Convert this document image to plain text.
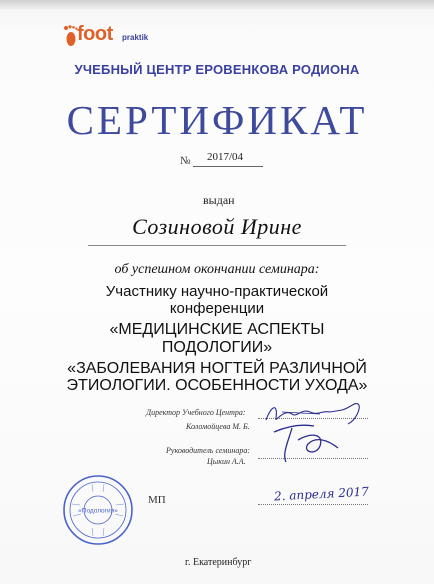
foot praktik
УЧЕБНЫЙ ЦЕНТР ЕРОВЕНКОВА РОДИОНА
СЕРТИФИКАТ
№ 2017/04
выдан
Созиновой Ирине
об успешном окончании семинара:
Участнику научно-практической
конференции
«МЕДИЦИНСКИЕ АСПЕКТЫ
ПОДОЛОГИИ»
«ЗАБОЛЕВАНИЯ НОГТЕЙ РАЗЛИЧНОЙ
ЭТИОЛОГИИ. ОСОБЕННОСТИ УХОДА»
Директор Учебного Центра:
Коломойцева М. Б.
Руководитель семинара:
Цыкин А.А.
«Подология»
МП	2. апреля 2017
г. Екатеринбург
